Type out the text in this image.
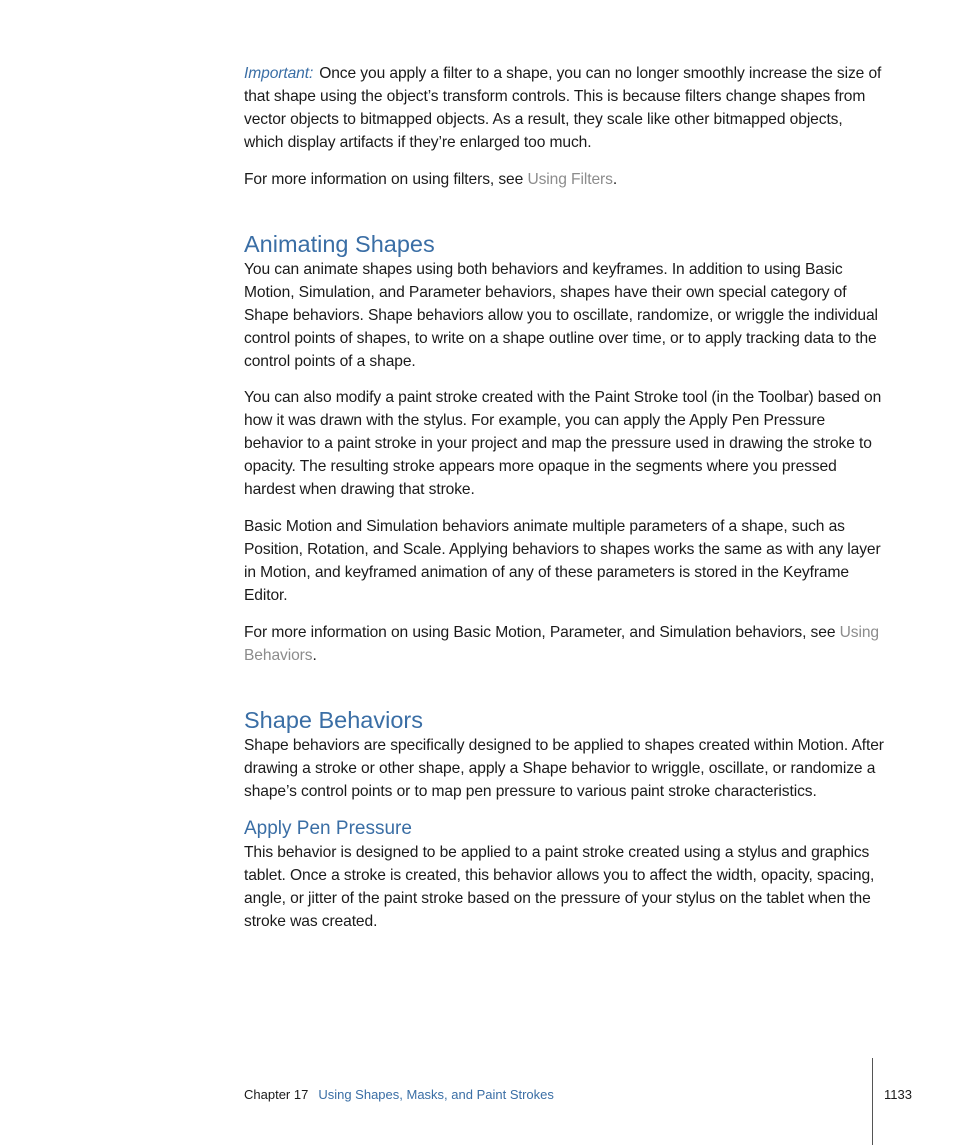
Important: Once you apply a filter to a shape, you can no longer smoothly increase the size of that shape using the object’s transform controls. This is because filters change shapes from vector objects to bitmapped objects. As a result, they scale like other bitmapped objects, which display artifacts if they’re enlarged too much.

For more information on using filters, see Using Filters.

Animating Shapes

You can animate shapes using both behaviors and keyframes. In addition to using Basic Motion, Simulation, and Parameter behaviors, shapes have their own special category of Shape behaviors. Shape behaviors allow you to oscillate, randomize, or wriggle the individual control points of shapes, to write on a shape outline over time, or to apply tracking data to the control points of a shape.

You can also modify a paint stroke created with the Paint Stroke tool (in the Toolbar) based on how it was drawn with the stylus. For example, you can apply the Apply Pen Pressure behavior to a paint stroke in your project and map the pressure used in drawing the stroke to opacity. The resulting stroke appears more opaque in the segments where you pressed hardest when drawing that stroke.

Basic Motion and Simulation behaviors animate multiple parameters of a shape, such as Position, Rotation, and Scale. Applying behaviors to shapes works the same as with any layer in Motion, and keyframed animation of any of these parameters is stored in the Keyframe Editor.

For more information on using Basic Motion, Parameter, and Simulation behaviors, see Using Behaviors.

Shape Behaviors

Shape behaviors are specifically designed to be applied to shapes created within Motion. After drawing a stroke or other shape, apply a Shape behavior to wriggle, oscillate, or randomize a shape’s control points or to map pen pressure to various paint stroke characteristics.

Apply Pen Pressure

This behavior is designed to be applied to a paint stroke created using a stylus and graphics tablet. Once a stroke is created, this behavior allows you to affect the width, opacity, spacing, angle, or jitter of the paint stroke based on the pressure of your stylus on the tablet when the stroke was created.

Chapter 17 Using Shapes, Masks, and Paint Strokes	1133
